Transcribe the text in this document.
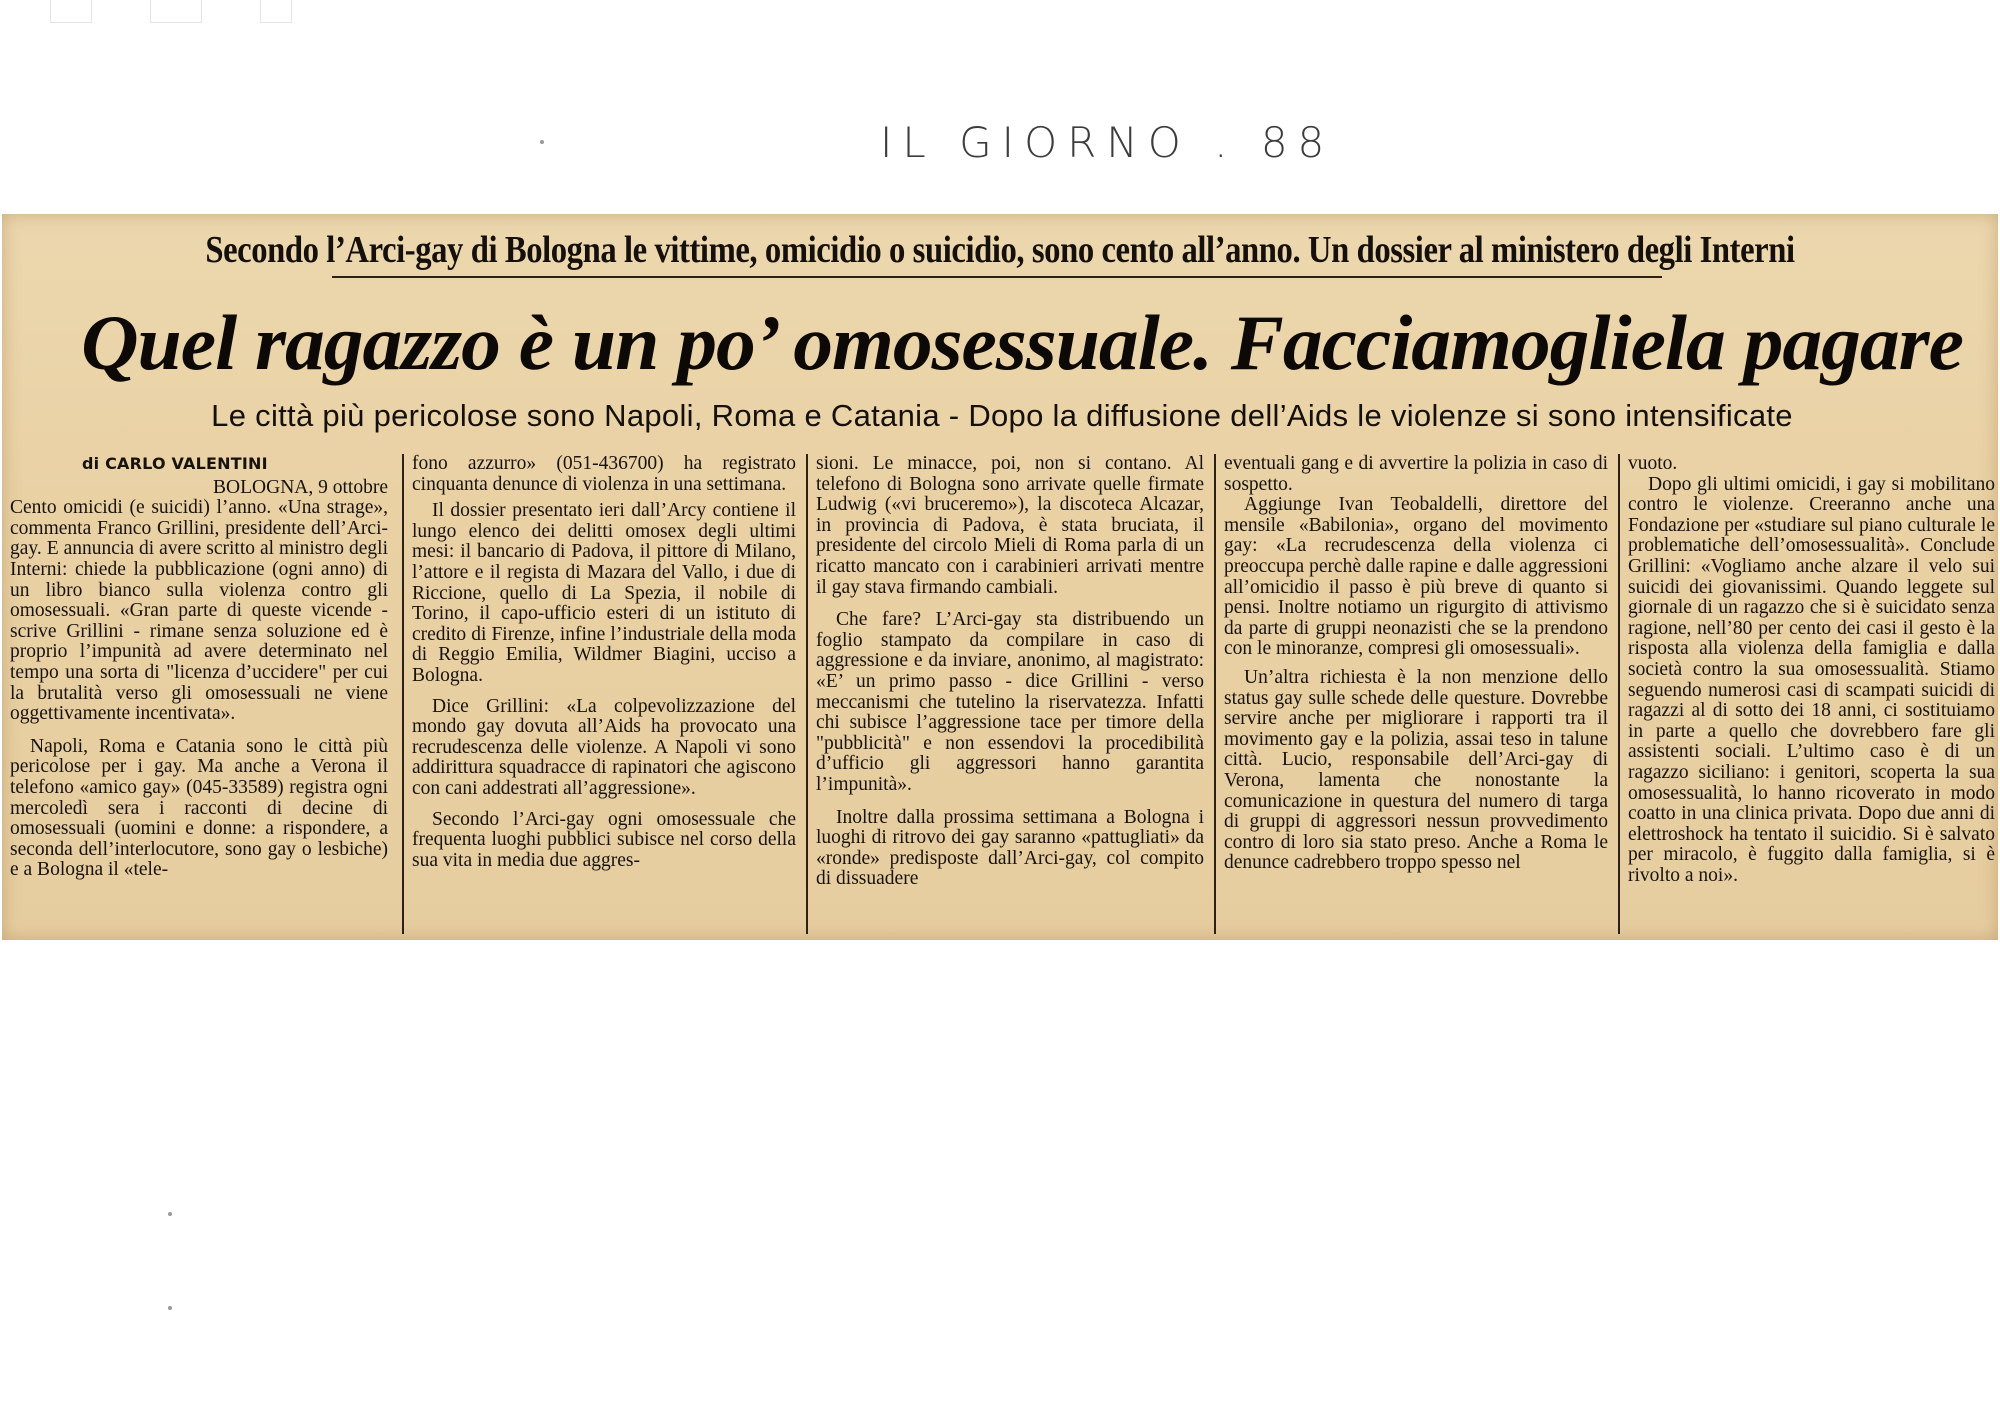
IL GIORNO . 88
Secondo l’Arci-gay di Bologna le vittime, omicidio o suicidio, sono cento all’anno. Un dossier al ministero degli Interni
Quel ragazzo è un po’ omosessuale. Facciamogliela pagare
Le città più pericolose sono Napoli, Roma e Catania - Dopo la diffusione dell’Aids le violenze si sono intensificate
di CARLO VALENTINI

BOLOGNA, 9 ottobre

Cento omicidi (e suicidi) l’anno. «Una strage», commenta Franco Grillini, presidente dell’Arci-gay. E annuncia di avere scritto al ministro degli Interni: chiede la pubblicazione (ogni anno) di un libro bianco sulla violenza contro gli omosessuali. «Gran parte di queste vicende - scrive Grillini - rimane senza soluzione ed è proprio l’impunità ad avere determinato nel tempo una sorta di "licenza d’uccidere" per cui la brutalità verso gli omosessuali ne viene oggettivamente incentivata».

Napoli, Roma e Catania sono le città più pericolose per i gay. Ma anche a Verona il telefono «amico gay» (045-33589) registra ogni mercoledì sera i racconti di decine di omosessuali (uomini e donne: a rispondere, a seconda dell’interlocutore, sono gay o lesbiche) e a Bologna il «tele-

fono azzurro» (051-436700) ha registrato cinquanta denunce di violenza in una settimana.

Il dossier presentato ieri dall’Arcy contiene il lungo elenco dei delitti omosex degli ultimi mesi: il bancario di Padova, il pittore di Milano, l’attore e il regista di Mazara del Vallo, i due di Riccione, quello di La Spezia, il nobile di Torino, il capo-ufficio esteri di un istituto di credito di Firenze, infine l’industriale della moda di Reggio Emilia, Wildmer Biagini, ucciso a Bologna.

Dice Grillini: «La colpevolizzazione del mondo gay dovuta all’Aids ha provocato una recrudescenza delle violenze. A Napoli vi sono addirittura squadracce di rapinatori che agiscono con cani addestrati all’aggressione».

Secondo l’Arci-gay ogni omosessuale che frequenta luoghi pubblici subisce nel corso della sua vita in media due aggres-

sioni. Le minacce, poi, non si contano. Al telefono di Bologna sono arrivate quelle firmate Ludwig («vi bruceremo»), la discoteca Alcazar, in provincia di Padova, è stata bruciata, il presidente del circolo Mieli di Roma parla di un ricatto mancato con i carabinieri arrivati mentre il gay stava firmando cambiali.

Che fare? L’Arci-gay sta distribuendo un foglio stampato da compilare in caso di aggressione e da inviare, anonimo, al magistrato: «E’ un primo passo - dice Grillini - verso meccanismi che tutelino la riservatezza. Infatti chi subisce l’aggressione tace per timore della "pubblicità" e non essendovi la procedibilità d’ufficio gli aggressori hanno garantita l’impunità».

Inoltre dalla prossima settimana a Bologna i luoghi di ritrovo dei gay saranno «pattugliati» da «ronde» predisposte dall’Arci-gay, col compito di dissuadere

eventuali gang e di avvertire la polizia in caso di sospetto.

Aggiunge Ivan Teobaldelli, direttore del mensile «Babilonia», organo del movimento gay: «La recrudescenza della violenza ci preoccupa perchè dalle rapine e dalle aggressioni all’omicidio il passo è più breve di quanto si pensi. Inoltre notiamo un rigurgito di attivismo da parte di gruppi neonazisti che se la prendono con le minoranze, compresi gli omosessuali».

Un’altra richiesta è la non menzione dello status gay sulle schede delle questure. Dovrebbe servire anche per migliorare i rapporti tra il movimento gay e la polizia, assai teso in talune città. Lucio, responsabile dell’Arci-gay di Verona, lamenta che nonostante la comunicazione in questura del numero di targa di gruppi di aggressori nessun provvedimento contro di loro sia stato preso. Anche a Roma le denunce cadrebbero troppo spesso nel

vuoto.

Dopo gli ultimi omicidi, i gay si mobilitano contro le violenze. Creeranno anche una Fondazione per «studiare sul piano culturale le problematiche dell’omosessualità». Conclude Grillini: «Vogliamo anche alzare il velo sui suicidi dei giovanissimi. Quando leggete sul giornale di un ragazzo che si è suicidato senza ragione, nell’80 per cento dei casi il gesto è la risposta alla violenza della famiglia e dalla società contro la sua omosessualità. Stiamo seguendo numerosi casi di scampati suicidi di ragazzi al di sotto dei 18 anni, ci sostituiamo in parte a quello che dovrebbero fare gli assistenti sociali. L’ultimo caso è di un ragazzo siciliano: i genitori, scoperta la sua omosessualità, lo hanno ricoverato in modo coatto in una clinica privata. Dopo due anni di elettroshock ha tentato il suicidio. Si è salvato per miracolo, è fuggito dalla famiglia, si è rivolto a noi».
